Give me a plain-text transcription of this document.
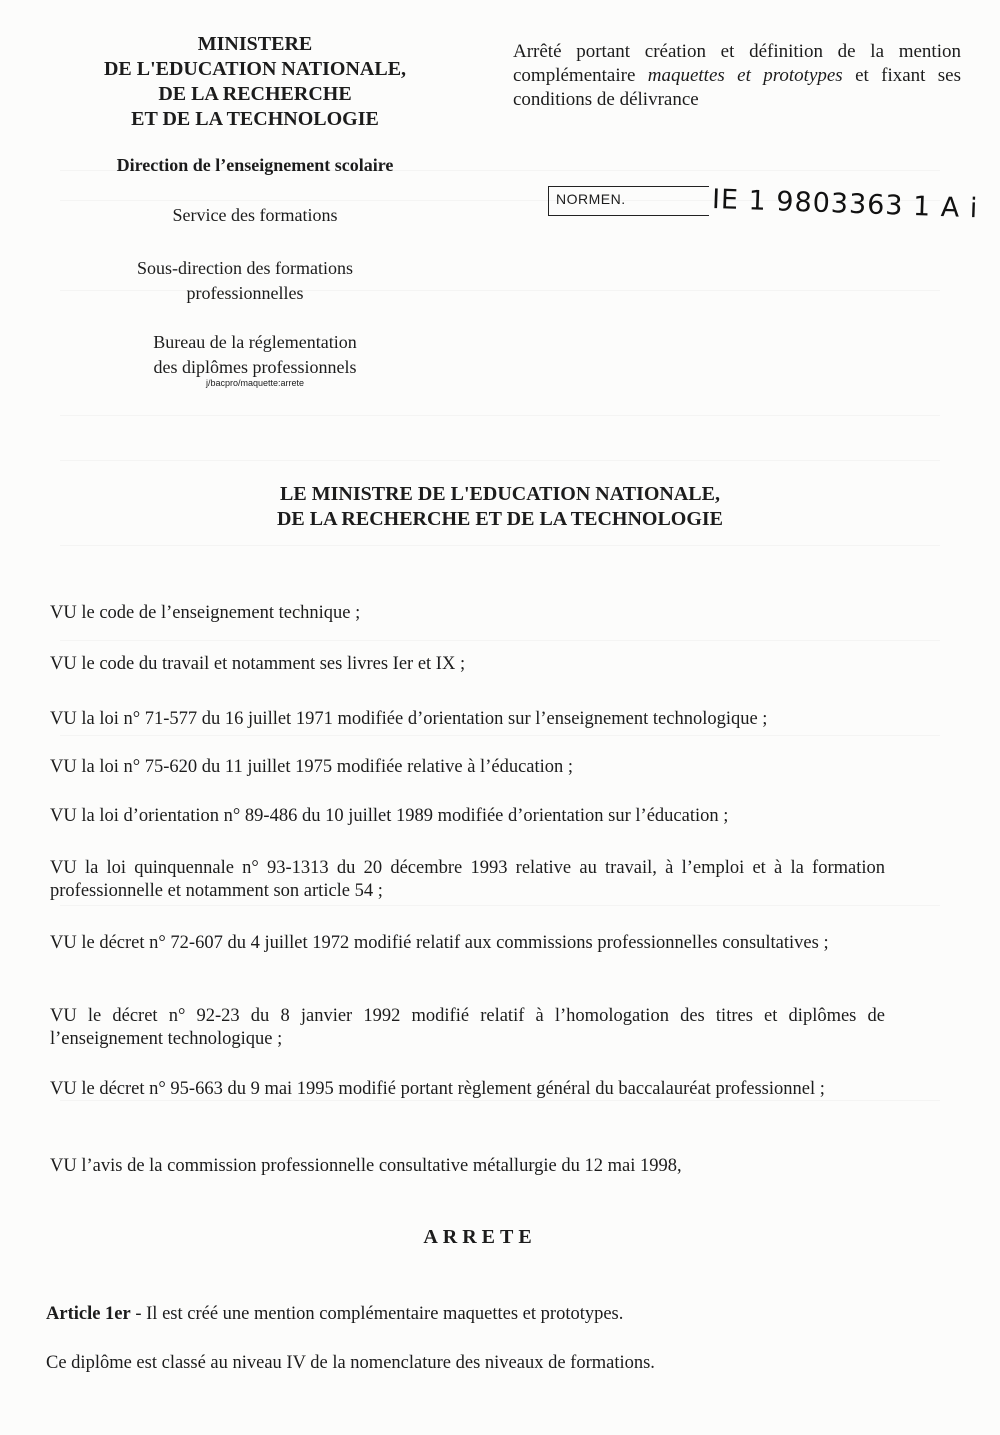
MINISTERE
DE L'EDUCATION NATIONALE,
DE LA RECHERCHE
ET DE LA TECHNOLOGIE
Direction de l’enseignement scolaire
Service des formations
Sous-direction des formations
professionnelles
Bureau de la réglementation
des diplômes professionnels
j/bacpro/maquette:arrete
Arrêté portant création et définition de la mention complémentaire maquettes et prototypes et fixant ses conditions de délivrance
NORMEN.	IE 1 9803363 1 A i
LE MINISTRE DE L'EDUCATION NATIONALE,
DE LA RECHERCHE ET DE LA TECHNOLOGIE
VU le code de l’enseignement technique ;
VU le code du travail et notamment ses livres Ier et IX ;
VU la loi n° 71-577 du 16 juillet 1971 modifiée d’orientation sur l’enseignement technologique ;
VU la loi n° 75-620 du 11 juillet 1975 modifiée relative à l’éducation ;
VU la loi d’orientation n° 89-486 du 10 juillet 1989 modifiée d’orientation sur l’éducation ;
VU la loi quinquennale n° 93-1313 du 20 décembre 1993 relative au travail, à l’emploi et à la formation professionnelle et notamment son article 54 ;
VU le décret n° 72-607 du 4 juillet 1972 modifié relatif aux commissions professionnelles consultatives ;
VU le décret n° 92-23 du 8 janvier 1992 modifié relatif à l’homologation des titres et diplômes de l’enseignement technologique ;
VU le décret n° 95-663 du 9 mai 1995 modifié portant règlement général du baccalauréat professionnel ;
VU l’avis de la commission professionnelle consultative métallurgie du 12 mai 1998,
ARRETE
Article 1er - Il est créé une mention complémentaire maquettes et prototypes.
Ce diplôme est classé au niveau IV de la nomenclature des niveaux de formations.
